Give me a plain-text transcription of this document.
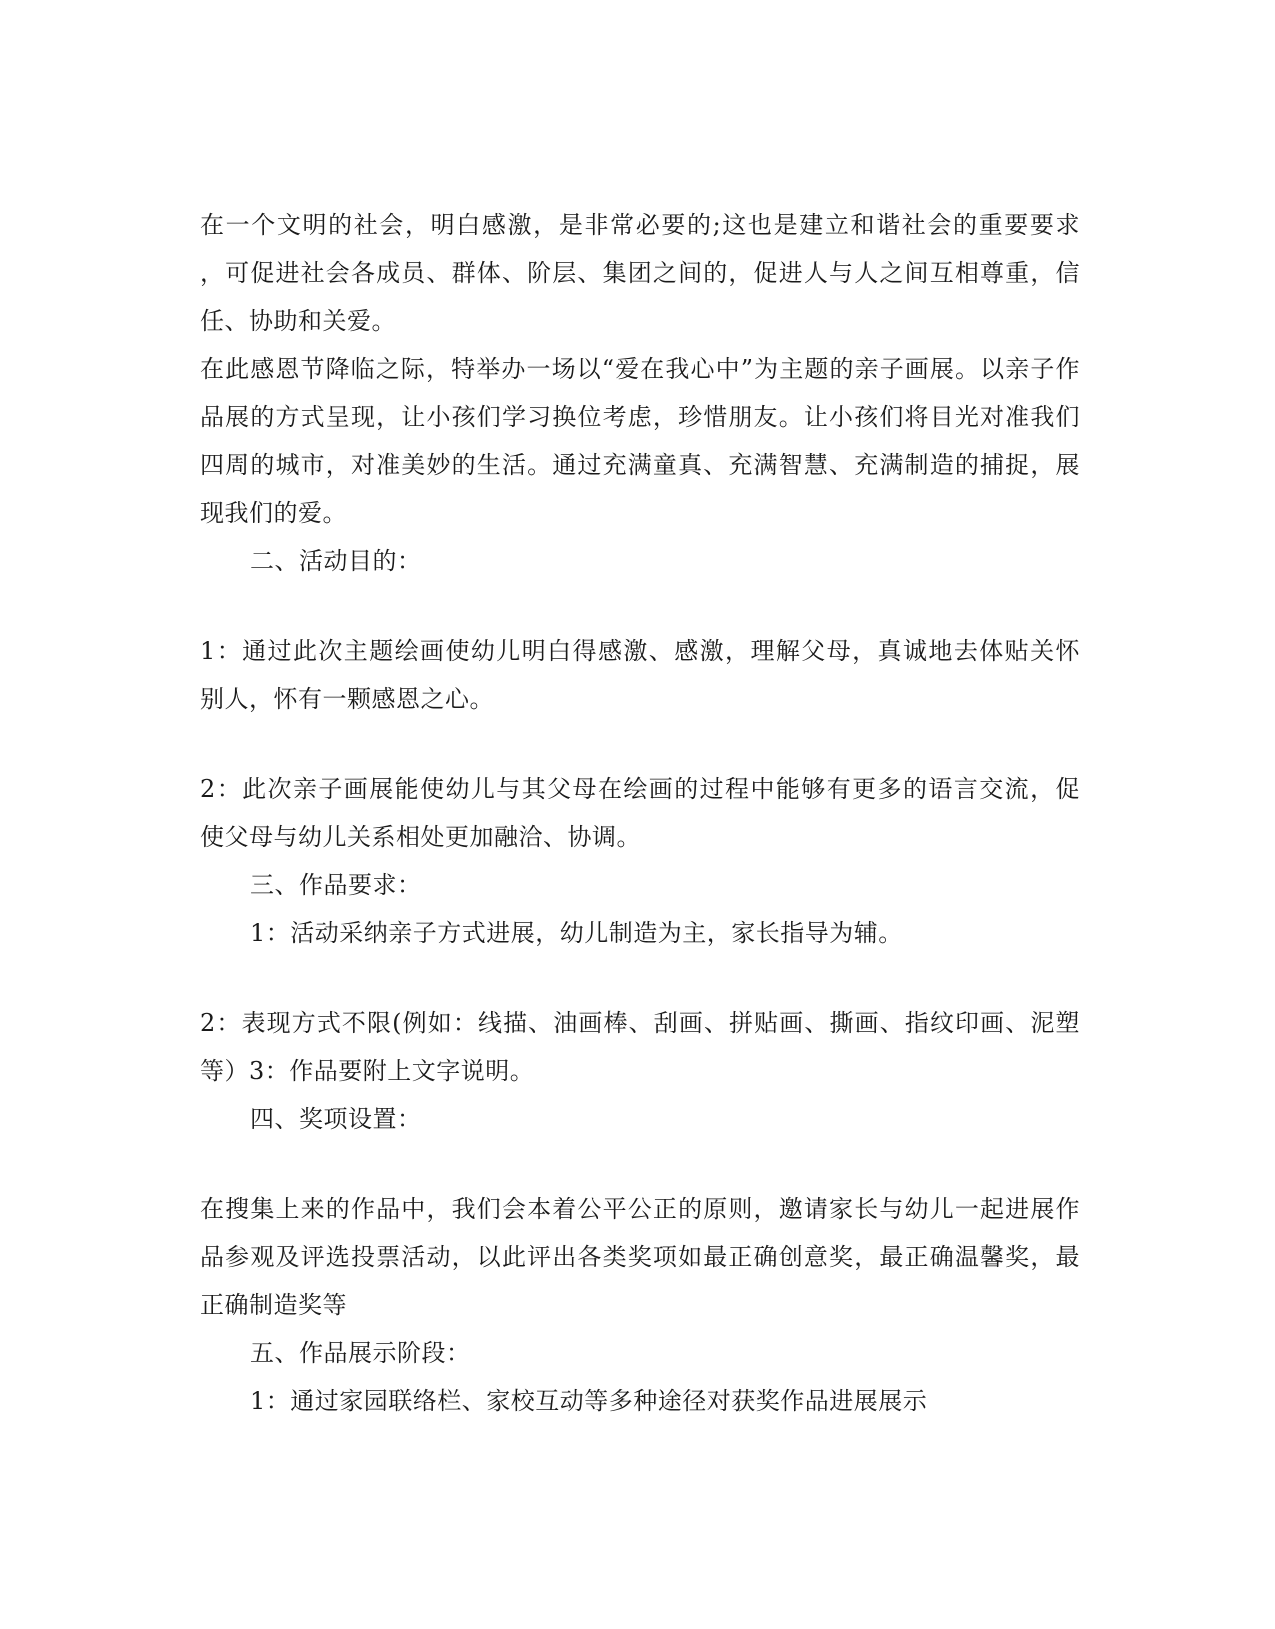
在一个文明的社会，明白感激，是非常必要的;这也是建立和谐社会的重要要求
，可促进社会各成员、群体、阶层、集团之间的，促进人与人之间互相尊重，信
任、协助和关爱。
在此感恩节降临之际，特举办一场以“爱在我心中”为主题的亲子画展。以亲子作
品展的方式呈现，让小孩们学习换位考虑，珍惜朋友。让小孩们将目光对准我们
四周的城市，对准美妙的生活。通过充满童真、充满智慧、充满制造的捕捉，展
现我们的爱。
二、活动目的：
1：通过此次主题绘画使幼儿明白得感激、感激，理解父母，真诚地去体贴关怀
别人，怀有一颗感恩之心。
2：此次亲子画展能使幼儿与其父母在绘画的过程中能够有更多的语言交流，促
使父母与幼儿关系相处更加融洽、协调。
三、作品要求：
1：活动采纳亲子方式进展，幼儿制造为主，家长指导为辅。
2：表现方式不限(例如：线描、油画棒、刮画、拼贴画、撕画、指纹印画、泥塑
等）3：作品要附上文字说明。
四、奖项设置：
在搜集上来的作品中，我们会本着公平公正的原则，邀请家长与幼儿一起进展作
品参观及评选投票活动，以此评出各类奖项如最正确创意奖，最正确温馨奖，最
正确制造奖等
五、作品展示阶段：
1：通过家园联络栏、家校互动等多种途径对获奖作品进展展示
